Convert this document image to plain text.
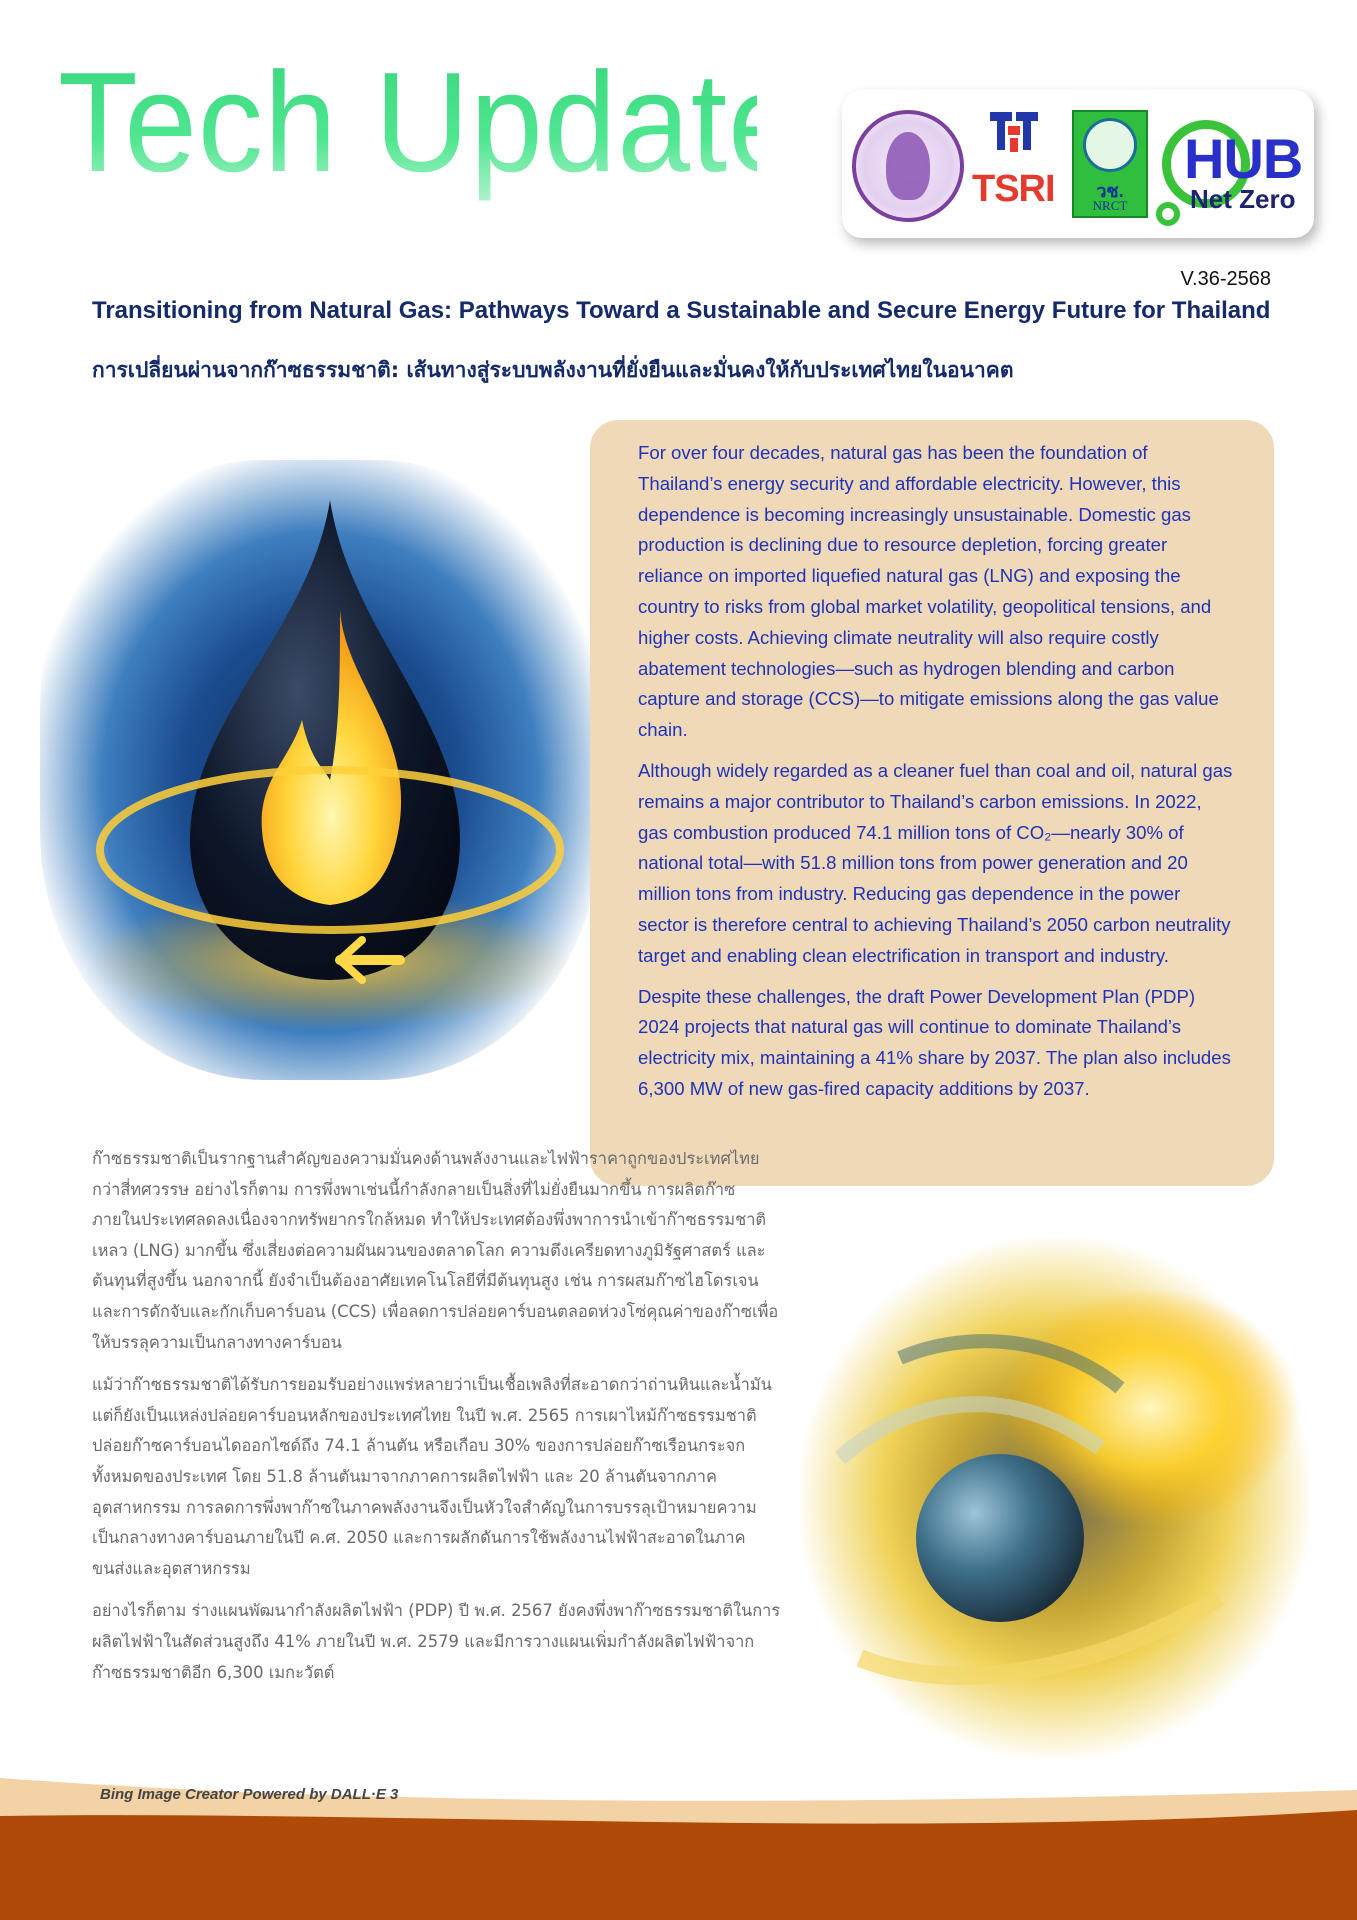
Tech Update	TSRI	วช.
NRCT
HUB
Net Zero
V.36-2568
Transitioning from Natural Gas: Pathways Toward a Sustainable and Secure Energy Future for Thailand
การเปลี่ยนผ่านจากก๊าซธรรมชาติ: เส้นทางสู่ระบบพลังงานที่ยั่งยืนและมั่นคงให้กับประเทศไทยในอนาคต

For over four decades, natural gas has been the foundation of Thailand’s energy security and affordable electricity. However, this dependence is becoming increasingly unsustainable. Domestic gas production is declining due to resource depletion, forcing greater reliance on imported liquefied natural gas (LNG) and exposing the country to risks from global market volatility, geopolitical tensions, and higher costs. Achieving climate neutrality will also require costly abatement technologies—such as hydrogen blending and carbon capture and storage (CCS)—to mitigate emissions along the gas value chain.

Although widely regarded as a cleaner fuel than coal and oil, natural gas remains a major contributor to Thailand’s carbon emissions. In 2022, gas combustion produced 74.1 million tons of CO₂—nearly 30% of national total—with 51.8 million tons from power generation and 20 million tons from industry. Reducing gas dependence in the power sector is therefore central to achieving Thailand’s 2050 carbon neutrality target and enabling clean electrification in transport and industry.

Despite these challenges, the draft Power Development Plan (PDP) 2024 projects that natural gas will continue to dominate Thailand’s electricity mix, maintaining a 41% share by 2037. The plan also includes 6,300 MW of new gas-fired capacity additions by 2037.

ก๊าซธรรมชาติเป็นรากฐานสำคัญของความมั่นคงด้านพลังงานและไฟฟ้าราคาถูกของประเทศไทยกว่าสี่ทศวรรษ อย่างไรก็ตาม การพึ่งพาเช่นนี้กำลังกลายเป็นสิ่งที่ไม่ยั่งยืนมากขึ้น การผลิตก๊าซภายในประเทศลดลงเนื่องจากทรัพยากรใกล้หมด ทำให้ประเทศต้องพึ่งพาการนำเข้าก๊าซธรรมชาติเหลว (LNG) มากขึ้น ซึ่งเสี่ยงต่อความผันผวนของตลาดโลก ความตึงเครียดทางภูมิรัฐศาสตร์ และต้นทุนที่สูงขึ้น นอกจากนี้ ยังจำเป็นต้องอาศัยเทคโนโลยีที่มีต้นทุนสูง เช่น การผสมก๊าซไฮโดรเจนและการดักจับและกักเก็บคาร์บอน (CCS) เพื่อลดการปล่อยคาร์บอนตลอดห่วงโซ่คุณค่าของก๊าซเพื่อให้บรรลุความเป็นกลางทางคาร์บอน

แม้ว่าก๊าซธรรมชาติได้รับการยอมรับอย่างแพร่หลายว่าเป็นเชื้อเพลิงที่สะอาดกว่าถ่านหินและน้ำมัน แต่ก็ยังเป็นแหล่งปล่อยคาร์บอนหลักของประเทศไทย ในปี พ.ศ. 2565 การเผาไหม้ก๊าซธรรมชาติปล่อยก๊าซคาร์บอนไดออกไซด์ถึง 74.1 ล้านตัน หรือเกือบ 30% ของการปล่อยก๊าซเรือนกระจกทั้งหมดของประเทศ โดย 51.8 ล้านตันมาจากภาคการผลิตไฟฟ้า และ 20 ล้านตันจากภาคอุตสาหกรรม การลดการพึ่งพาก๊าซในภาคพลังงานจึงเป็นหัวใจสำคัญในการบรรลุเป้าหมายความเป็นกลางทางคาร์บอนภายในปี ค.ศ. 2050 และการผลักดันการใช้พลังงานไฟฟ้าสะอาดในภาคขนส่งและอุตสาหกรรม

อย่างไรก็ตาม ร่างแผนพัฒนากำลังผลิตไฟฟ้า (PDP) ปี พ.ศ. 2567 ยังคงพึ่งพาก๊าซธรรมชาติในการผลิตไฟฟ้าในสัดส่วนสูงถึง 41% ภายในปี พ.ศ. 2579 และมีการวางแผนเพิ่มกำลังผลิตไฟฟ้าจากก๊าซธรรมชาติอีก 6,300 เมกะวัตต์

Bing Image Creator Powered by DALL·E 3
